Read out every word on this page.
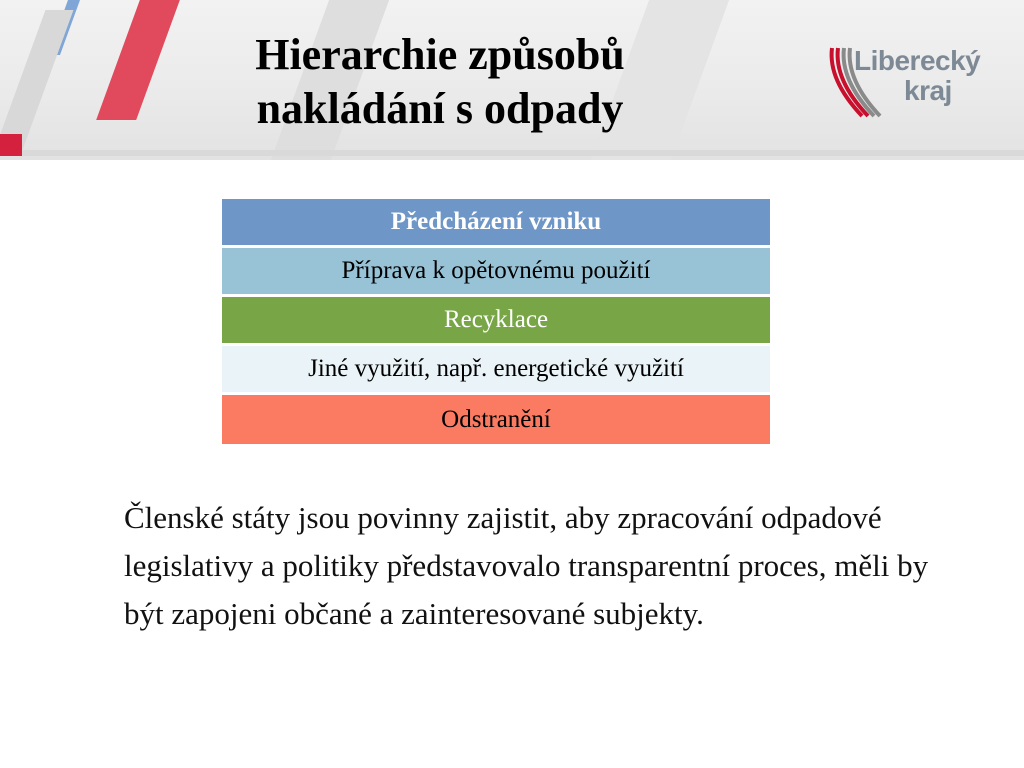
Hierarchie způsobů
nakládání s odpady
Liberecký
kraj
Předcházení vzniku
Příprava k opětovnému použití
Recyklace
Jiné využití, např. energetické využití
Odstranění
Členské státy jsou povinny zajistit, aby zpracování odpadové legislativy a politiky představovalo transparentní proces, měli by být zapojeni občané a zainteresované subjekty.
